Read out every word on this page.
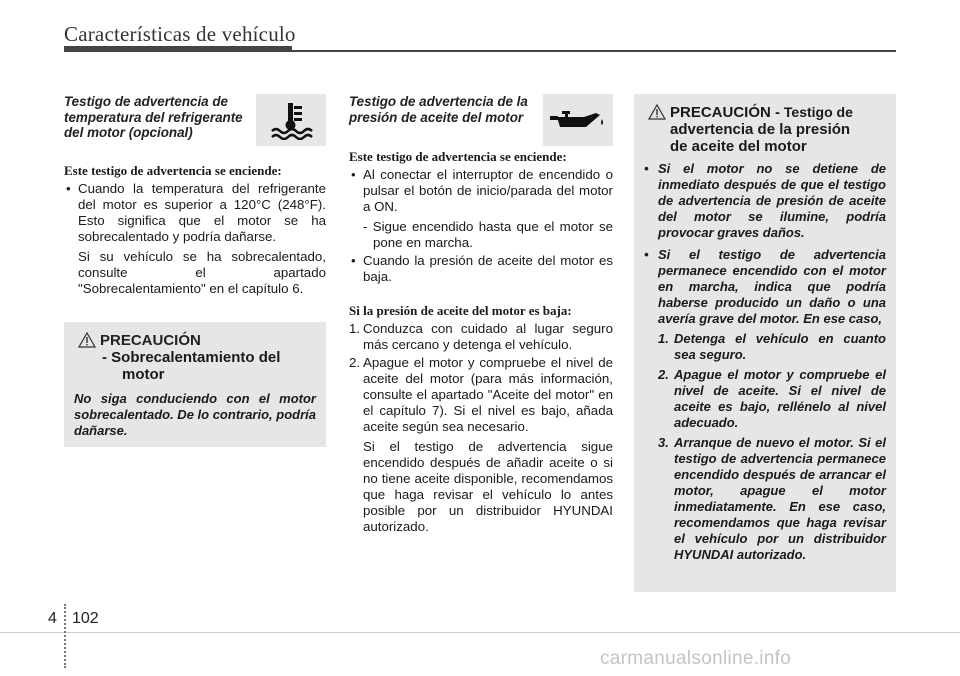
Características de vehículo
Testigo de advertencia de temperatura del refrigerante del motor (opcional)
Este testigo de advertencia se enciende:
• Cuando la temperatura del refrigerante del motor es superior a 120°C (248°F). Esto significa que el motor se ha sobrecalentado y podría dañarse.
Si su vehículo se ha sobrecalentado, consulte el apartado "Sobrecalentamiento" en el capítulo 6.
PRECAUCIÓN
- Sobrecalentamiento del
motor
No siga conduciendo con el motor sobrecalentado. De lo contrario, podría dañarse.
Testigo de advertencia de la presión de aceite del motor
Este testigo de advertencia se enciende:
• Al conectar el interruptor de encendido o pulsar el botón de inicio/parada del motor a ON.
- Sigue encendido hasta que el motor se pone en marcha.
• Cuando la presión de aceite del motor es baja.
Si la presión de aceite del motor es baja:
1. Conduzca con cuidado al lugar seguro más cercano y detenga el vehículo.
2. Apague el motor y compruebe el nivel de aceite del motor (para más información, consulte el apartado "Aceite del motor" en el capítulo 7). Si el nivel es bajo, añada aceite según sea necesario.
Si el testigo de advertencia sigue encendido después de añadir aceite o si no tiene aceite disponible, recomendamos que haga revisar el vehículo lo antes posible por un distribuidor HYUNDAI autorizado.
PRECAUCIÓN - Testigo de
advertencia de la presión
de aceite del motor
• Si el motor no se detiene de inmediato después de que el testigo de advertencia de presión de aceite del motor se ilumine, podría provocar graves daños.
• Si el testigo de advertencia permanece encendido con el motor en marcha, indica que podría haberse producido un daño o una avería grave del motor. En ese caso,
1. Detenga el vehículo en cuanto sea seguro.
2. Apague el motor y compruebe el nivel de aceite. Si el nivel de aceite es bajo, rellénelo al nivel adecuado.
3. Arranque de nuevo el motor. Si el testigo de advertencia permanece encendido después de arrancar el motor, apague el motor inmediatamente. En ese caso, recomendamos que haga revisar el vehículo por un distribuidor HYUNDAI autorizado.
4 102
carmanualsonline.info
